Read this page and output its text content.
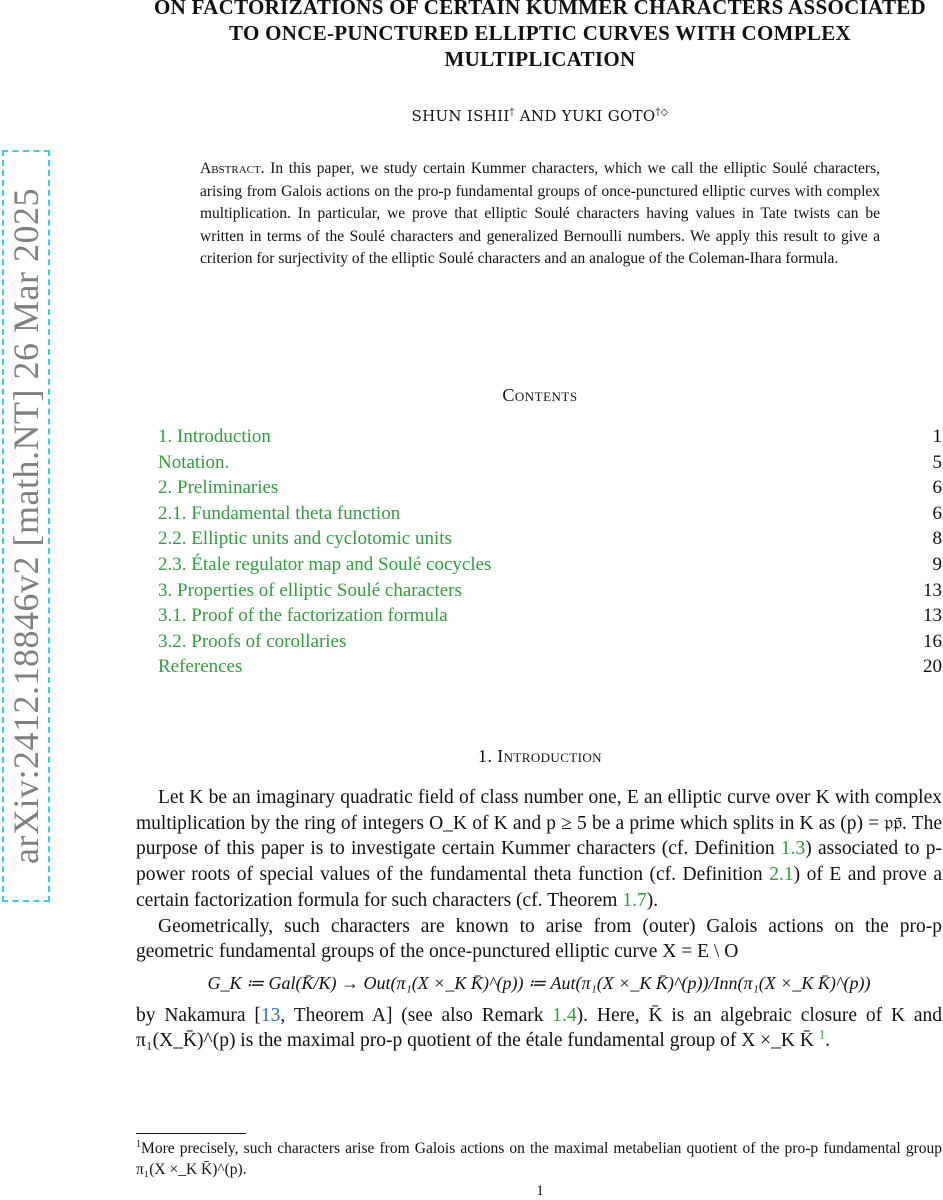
arXiv:2412.18846v2 [math.NT] 26 Mar 2025
ON FACTORIZATIONS OF CERTAIN KUMMER CHARACTERS ASSOCIATED TO ONCE-PUNCTURED ELLIPTIC CURVES WITH COMPLEX MULTIPLICATION
SHUN ISHII† AND YUKI GOTO†◇
Abstract. In this paper, we study certain Kummer characters, which we call the elliptic Soulé characters, arising from Galois actions on the pro-p fundamental groups of once-punctured elliptic curves with complex multiplication. In particular, we prove that elliptic Soulé characters having values in Tate twists can be written in terms of the Soulé characters and generalized Bernoulli numbers. We apply this result to give a criterion for surjectivity of the elliptic Soulé characters and an analogue of the Coleman-Ihara formula.
Contents
1. Introduction	1
Notation.	5
2. Preliminaries	6
2.1. Fundamental theta function	6
2.2. Elliptic units and cyclotomic units	8
2.3. Étale regulator map and Soulé cocycles	9
3. Properties of elliptic Soulé characters	13
3.1. Proof of the factorization formula	13
3.2. Proofs of corollaries	16
References	20
1. Introduction

Let K be an imaginary quadratic field of class number one, E an elliptic curve over K with complex multiplication by the ring of integers O_K of K and p ≥ 5 be a prime which splits in K as (p) = 𝔭𝔭̄. The purpose of this paper is to investigate certain Kummer characters (cf. Definition 1.3) associated to p-power roots of special values of the fundamental theta function (cf. Definition 2.1) of E and prove a certain factorization formula for such characters (cf. Theorem 1.7).

Geometrically, such characters are known to arise from (outer) Galois actions on the pro-p geometric fundamental groups of the once-punctured elliptic curve X = E \ O

G_K ≔ Gal(K̄/K) → Out(π₁(X ×_K K̄)^(p)) ≔ Aut(π₁(X ×_K K̄)^(p))/Inn(π₁(X ×_K K̄)^(p))

by Nakamura [13, Theorem A] (see also Remark 1.4). Here, K̄ is an algebraic closure of K and π₁(X_K̄)^(p) is the maximal pro-p quotient of the étale fundamental group of X ×_K K̄ $^1$.

$^1$More precisely, such characters arise from Galois actions on the maximal metabelian quotient of the pro-p fundamental group π₁(X ×_K K̄)^(p).
1
